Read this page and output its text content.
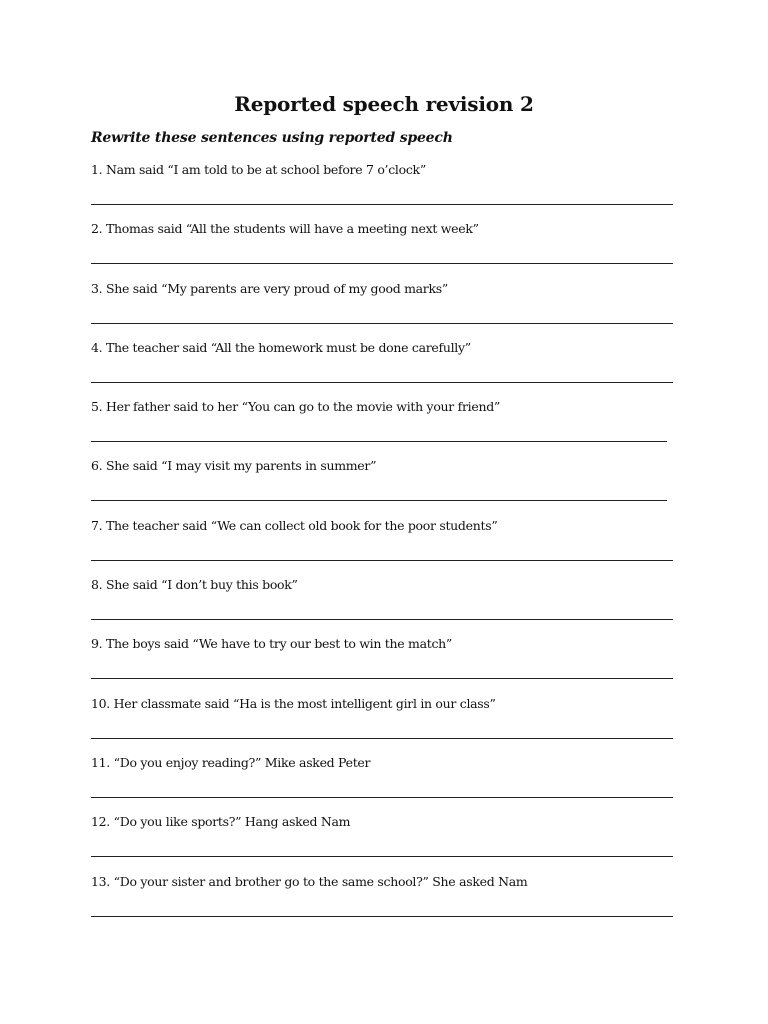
Reported speech revision 2

Rewrite these sentences using reported speech

1. Nam said “I am told to be at school before 7 o’clock”
2. Thomas said “All the students will have a meeting next week”
3. She said “My parents are very proud of my good marks”
4. The teacher said “All the homework must be done carefully”
5. Her father said to her “You can go to the movie with your friend”
6. She said “I may visit my parents in summer”
7. The teacher said “We can collect old book for the poor students”
8. She said “I don’t buy this book”
9. The boys said “We have to try our best to win the match”
10. Her classmate said “Ha is the most intelligent girl in our class”
11. “Do you enjoy reading?” Mike asked Peter
12. “Do you like sports?” Hang asked Nam
13. “Do your sister and brother go to the same school?” She asked Nam
